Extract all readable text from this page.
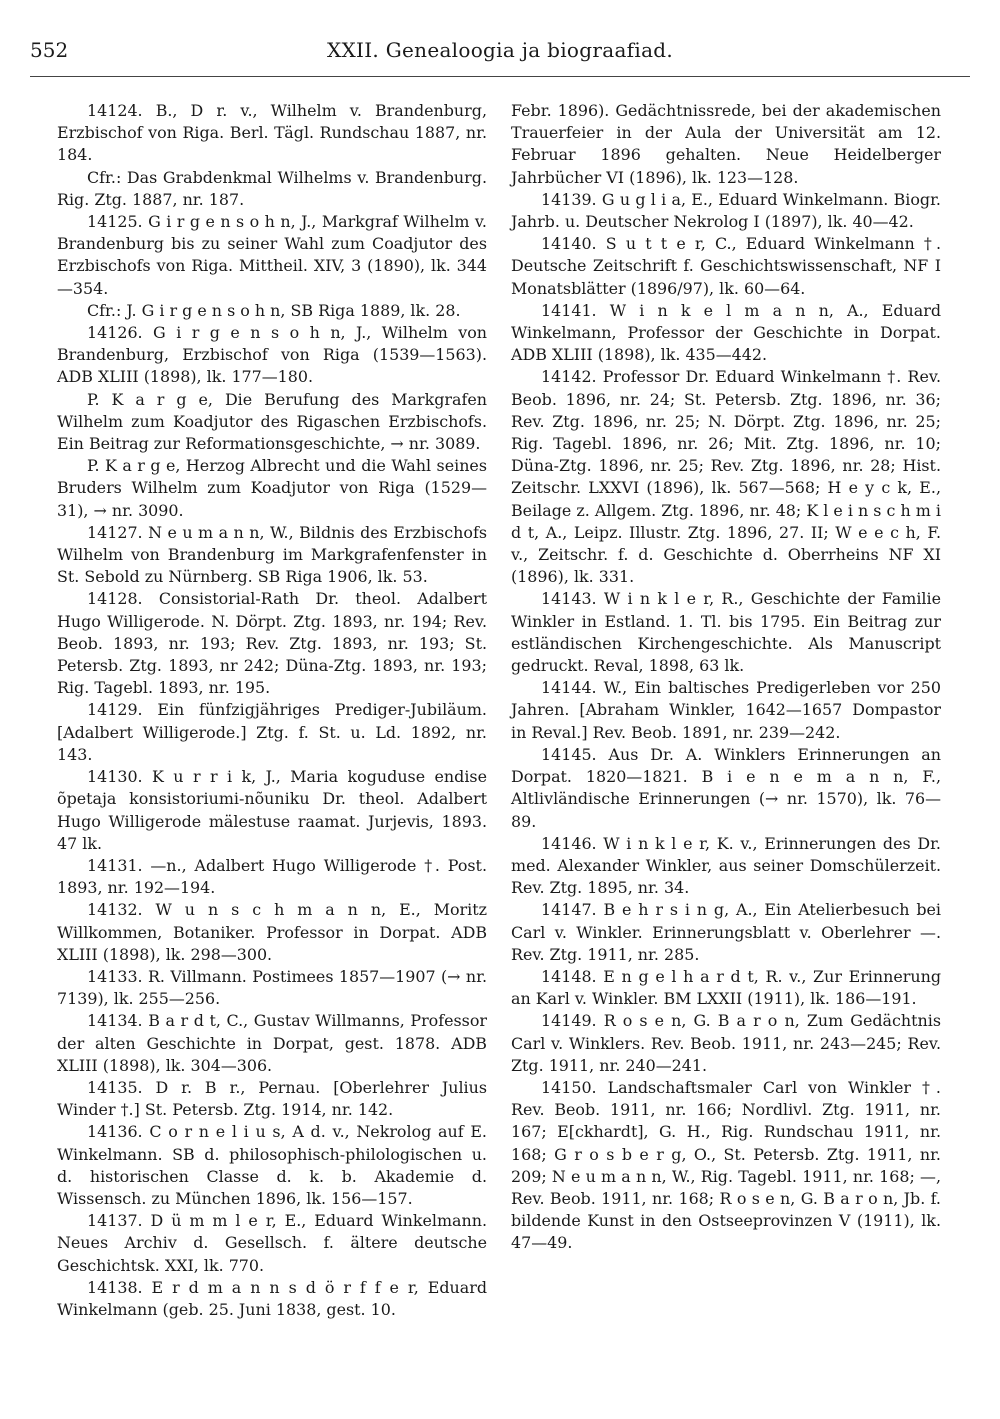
552	XXII. Genealoogia ja biograafiad.

14124. B., D r. v., Wilhelm v. Brandenburg, Erzbischof von Riga. Berl. Tägl. Rundschau 1887, nr. 184.

Cfr.: Das Grabdenkmal Wilhelms v. Brandenburg. Rig. Ztg. 1887, nr. 187.

14125. G i r g e n s o h n, J., Markgraf Wilhelm v. Brandenburg bis zu seiner Wahl zum Coadjutor des Erzbischofs von Riga. Mittheil. XIV, 3 (1890), lk. 344—354.

Cfr.: J. G i r g e n s o h n, SB Riga 1889, lk. 28.

14126. G i r g e n s o h n, J., Wilhelm von Brandenburg, Erzbischof von Riga (1539—1563). ADB XLIII (1898), lk. 177—180.

P. K a r g e, Die Berufung des Markgrafen Wilhelm zum Koadjutor des Rigaschen Erzbischofs. Ein Beitrag zur Reformationsgeschichte, → nr. 3089.

P. K a r g e, Herzog Albrecht und die Wahl seines Bruders Wilhelm zum Koadjutor von Riga (1529—31), → nr. 3090.

14127. N e u m a n n, W., Bildnis des Erzbischofs Wilhelm von Brandenburg im Markgrafenfenster in St. Sebold zu Nürnberg. SB Riga 1906, lk. 53.

14128. Consistorial-Rath Dr. theol. Adalbert Hugo Willigerode. N. Dörpt. Ztg. 1893, nr. 194; Rev. Beob. 1893, nr. 193; Rev. Ztg. 1893, nr. 193; St. Petersb. Ztg. 1893, nr 242; Düna-Ztg. 1893, nr. 193; Rig. Tagebl. 1893, nr. 195.

14129. Ein fünfzigjähriges Prediger-Jubiläum. [Adalbert Willigerode.] Ztg. f. St. u. Ld. 1892, nr. 143.

14130. K u r r i k, J., Maria koguduse endise õpetaja konsistoriumi-nõuniku Dr. theol. Adalbert Hugo Willigerode mälestuse raamat. Jurjevis, 1893. 47 lk.

14131. —n., Adalbert Hugo Willigerode †. Post. 1893, nr. 192—194.

14132. W u n s c h m a n n, E., Moritz Willkommen, Botaniker. Professor in Dorpat. ADB XLIII (1898), lk. 298—300.

14133. R. Villmann. Postimees 1857—1907 (→ nr. 7139), lk. 255—256.

14134. B a r d t, C., Gustav Willmanns, Professor der alten Geschichte in Dorpat, gest. 1878. ADB XLIII (1898), lk. 304—306.

14135. D r. B r., Pernau. [Oberlehrer Julius Winder †.] St. Petersb. Ztg. 1914, nr. 142.

14136. C o r n e l i u s, A d. v., Nekrolog auf E. Winkelmann. SB d. philosophisch-philologischen u. d. historischen Classe d. k. b. Akademie d. Wissensch. zu München 1896, lk. 156—157.

14137. D ü m m l e r, E., Eduard Winkelmann. Neues Archiv d. Gesellsch. f. ältere deutsche Geschichtsk. XXI, lk. 770.

14138. E r d m a n n s d ö r f f e r, Eduard Winkelmann (geb. 25. Juni 1838, gest. 10.

Febr. 1896). Gedächtnissrede, bei der akademischen Trauerfeier in der Aula der Universität am 12. Februar 1896 gehalten. Neue Heidelberger Jahrbücher VI (1896), lk. 123—128.

14139. G u g l i a, E., Eduard Winkelmann. Biogr. Jahrb. u. Deutscher Nekrolog I (1897), lk. 40—42.

14140. S u t t e r, C., Eduard Winkelmann †. Deutsche Zeitschrift f. Geschichtswissenschaft, NF I Monatsblätter (1896/97), lk. 60—64.

14141. W i n k e l m a n n, A., Eduard Winkelmann, Professor der Geschichte in Dorpat. ADB XLIII (1898), lk. 435—442.

14142. Professor Dr. Eduard Winkelmann †. Rev. Beob. 1896, nr. 24; St. Petersb. Ztg. 1896, nr. 36; Rev. Ztg. 1896, nr. 25; N. Dörpt. Ztg. 1896, nr. 25; Rig. Tagebl. 1896, nr. 26; Mit. Ztg. 1896, nr. 10; Düna-Ztg. 1896, nr. 25; Rev. Ztg. 1896, nr. 28; Hist. Zeitschr. LXXVI (1896), lk. 567—568; H e y c k, E., Beilage z. Allgem. Ztg. 1896, nr. 48; K l e i n s c h m i d t, A., Leipz. Illustr. Ztg. 1896, 27. II; W e e c h, F. v., Zeitschr. f. d. Geschichte d. Oberrheins NF XI (1896), lk. 331.

14143. W i n k l e r, R., Geschichte der Familie Winkler in Estland. 1. Tl. bis 1795. Ein Beitrag zur estländischen Kirchengeschichte. Als Manuscript gedruckt. Reval, 1898, 63 lk.

14144. W., Ein baltisches Predigerleben vor 250 Jahren. [Abraham Winkler, 1642—1657 Dompastor in Reval.] Rev. Beob. 1891, nr. 239—242.

14145. Aus Dr. A. Winklers Erinnerungen an Dorpat. 1820—1821. B i e n e m a n n, F., Altlivländische Erinnerungen (→ nr. 1570), lk. 76—89.

14146. W i n k l e r, K. v., Erinnerungen des Dr. med. Alexander Winkler, aus seiner Domschülerzeit. Rev. Ztg. 1895, nr. 34.

14147. B e h r s i n g, A., Ein Atelierbesuch bei Carl v. Winkler. Erinnerungsblatt v. Oberlehrer —. Rev. Ztg. 1911, nr. 285.

14148. E n g e l h a r d t, R. v., Zur Erinnerung an Karl v. Winkler. BM LXXII (1911), lk. 186—191.

14149. R o s e n, G. B a r o n, Zum Gedächtnis Carl v. Winklers. Rev. Beob. 1911, nr. 243—245; Rev. Ztg. 1911, nr. 240—241.

14150. Landschaftsmaler Carl von Winkler †. Rev. Beob. 1911, nr. 166; Nordlivl. Ztg. 1911, nr. 167; E[ckhardt], G. H., Rig. Rundschau 1911, nr. 168; G r o s b e r g, O., St. Petersb. Ztg. 1911, nr. 209; N e u m a n n, W., Rig. Tagebl. 1911, nr. 168; —, Rev. Beob. 1911, nr. 168; R o s e n, G. B a r o n, Jb. f. bildende Kunst in den Ostseeprovinzen V (1911), lk. 47—49.
